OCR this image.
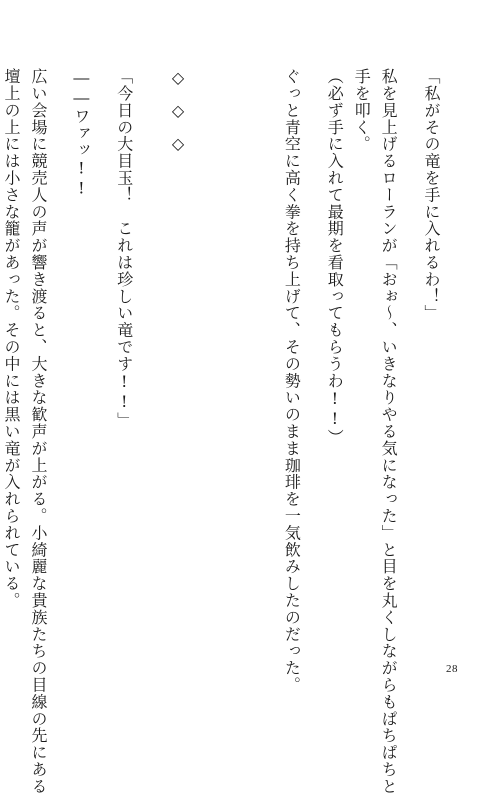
「私がその竜を手に入れるわ！」
私を見上げるローランが「おぉ〜、いきなりやる気になった」と目を丸くしながらもぱちぱちと
手を叩く。
（必ず手に入れて最期を看取ってもらうわ!!）
ぐっと青空に高く拳を持ち上げて、その勢いのまま珈琲を一気飲みしたのだった。
◇◇◇
「今日の大目玉！　これは珍しい竜です!!」
――ワァッ!!
広い会場に競売人の声が響き渡ると、大きな歓声が上がる。小綺麗な貴族たちの目線の先にある
壇上の上には小さな籠があった。その中には黒い竜が入れられている。
28
